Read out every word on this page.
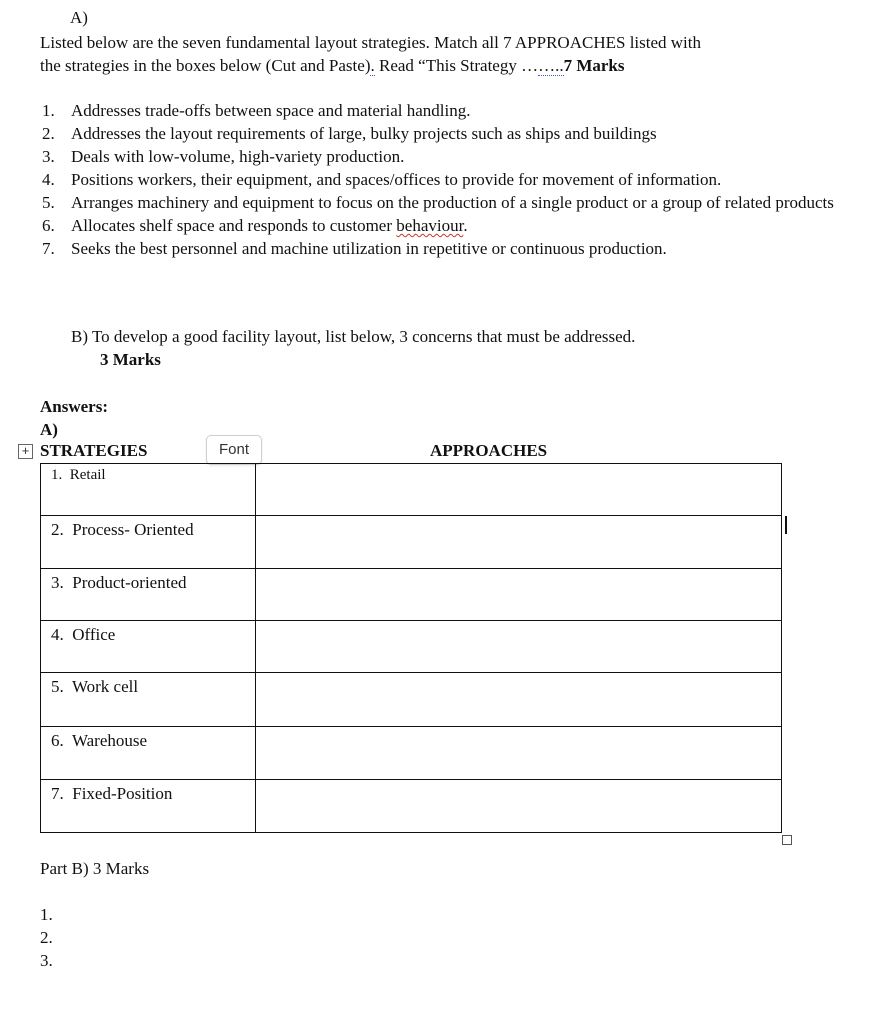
A)
Listed below are the seven fundamental layout strategies. Match all 7 APPROACHES listed with
the strategies in the boxes below (Cut and Paste). Read “This Strategy ……..7 Marks
1. Addresses trade-offs between space and material handling.
2. Addresses the layout requirements of large, bulky projects such as ships and buildings
3. Deals with low-volume, high-variety production.
4. Positions workers, their equipment, and spaces/offices to provide for movement of information.
5. Arranges machinery and equipment to focus on the production of a single product or a group of related products
6. Allocates shelf space and responds to customer behaviour.
7. Seeks the best personnel and machine utilization in repetitive or continuous production.
B) To develop a good facility layout, list below, 3 concerns that must be addressed.
3 Marks
Answers:
A)
+ STRATEGIES	Font	APPROACHES
1. Retail	

2. Process- Oriented	

3. Product-oriented	

4. Office	

5. Work cell	

6. Warehouse	

7. Fixed-Position	

Part B) 3 Marks
1.
2.
3.
